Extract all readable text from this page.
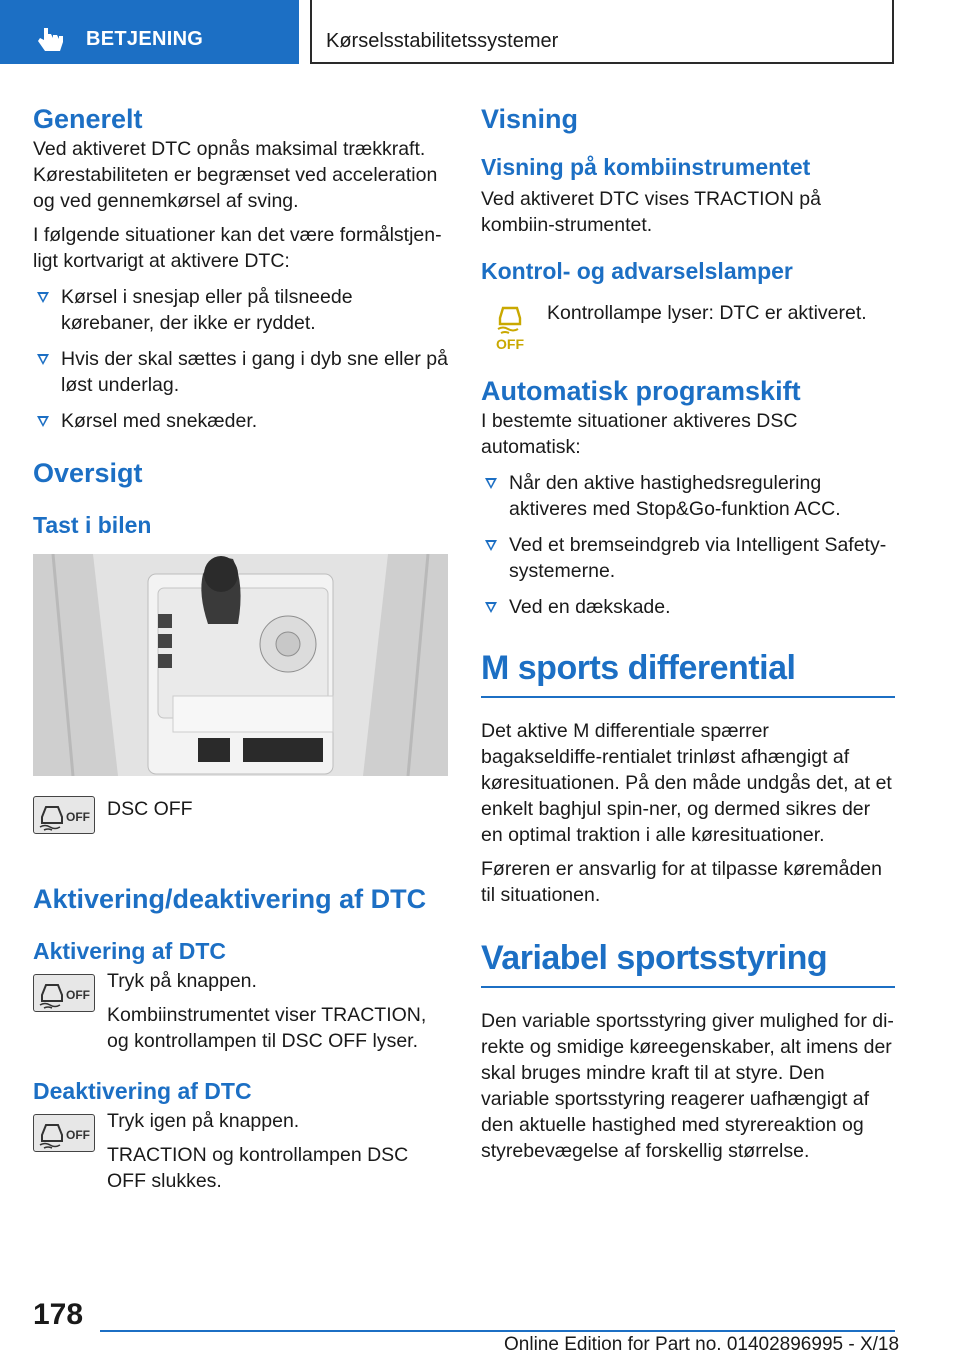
BETJENING	Kørselsstabilitetssystemer
Generelt

Ved aktiveret DTC opnås maksimal trækkraft. Kørestabiliteten er begrænset ved acceleration og ved gennemkørsel af sving.

I følgende situationer kan det være formålstjen-ligt kortvarigt at aktivere DTC:

Kørsel i snesjap eller på tilsneede kørebaner, der ikke er ryddet.
Hvis der skal sættes i gang i dyb sne eller på løst underlag.
Kørsel med snekæder.
Oversigt
Tast i bilen
OFF DSC OFF

Aktivering/deaktivering af DTC
Aktivering af DTC
OFF

Tryk på knappen.

Kombiinstrumentet viser TRACTION, og kontrollampen til DSC OFF lyser.

Deaktivering af DTC
OFF

Tryk igen på knappen.

TRACTION og kontrollampen DSC OFF slukkes.

Visning
Visning på kombiinstrumentet

Ved aktiveret DTC vises TRACTION på kombiin-strumentet.

Kontrol- og advarselslamper
OFF

Kontrollampe lyser: DTC er aktiveret.

Automatisk programskift

I bestemte situationer aktiveres DSC automatisk:

Når den aktive hastighedsregulering aktiveres med Stop&Go-funktion ACC.
Ved et bremseindgreb via Intelligent Safety-systemerne.
Ved en dækskade.
M sports differential

Det aktive M differentiale spærrer bagakseldiffe-rentialet trinløst afhængigt af køresituationen. På den måde undgås det, at et enkelt baghjul spin-ner, og dermed sikres der en optimal traktion i alle køresituationer.

Føreren er ansvarlig for at tilpasse køremåden til situationen.

Variabel sportsstyring

Den variable sportsstyring giver mulighed for di-rekte og smidige køreegenskaber, alt imens der skal bruges mindre kraft til at styre. Den variable sportsstyring reagerer uafhængigt af den aktuelle hastighed med styrereaktion og styrebevægelse af forskellig størrelse.

178
Online Edition for Part no. 01402896995 - X/18
